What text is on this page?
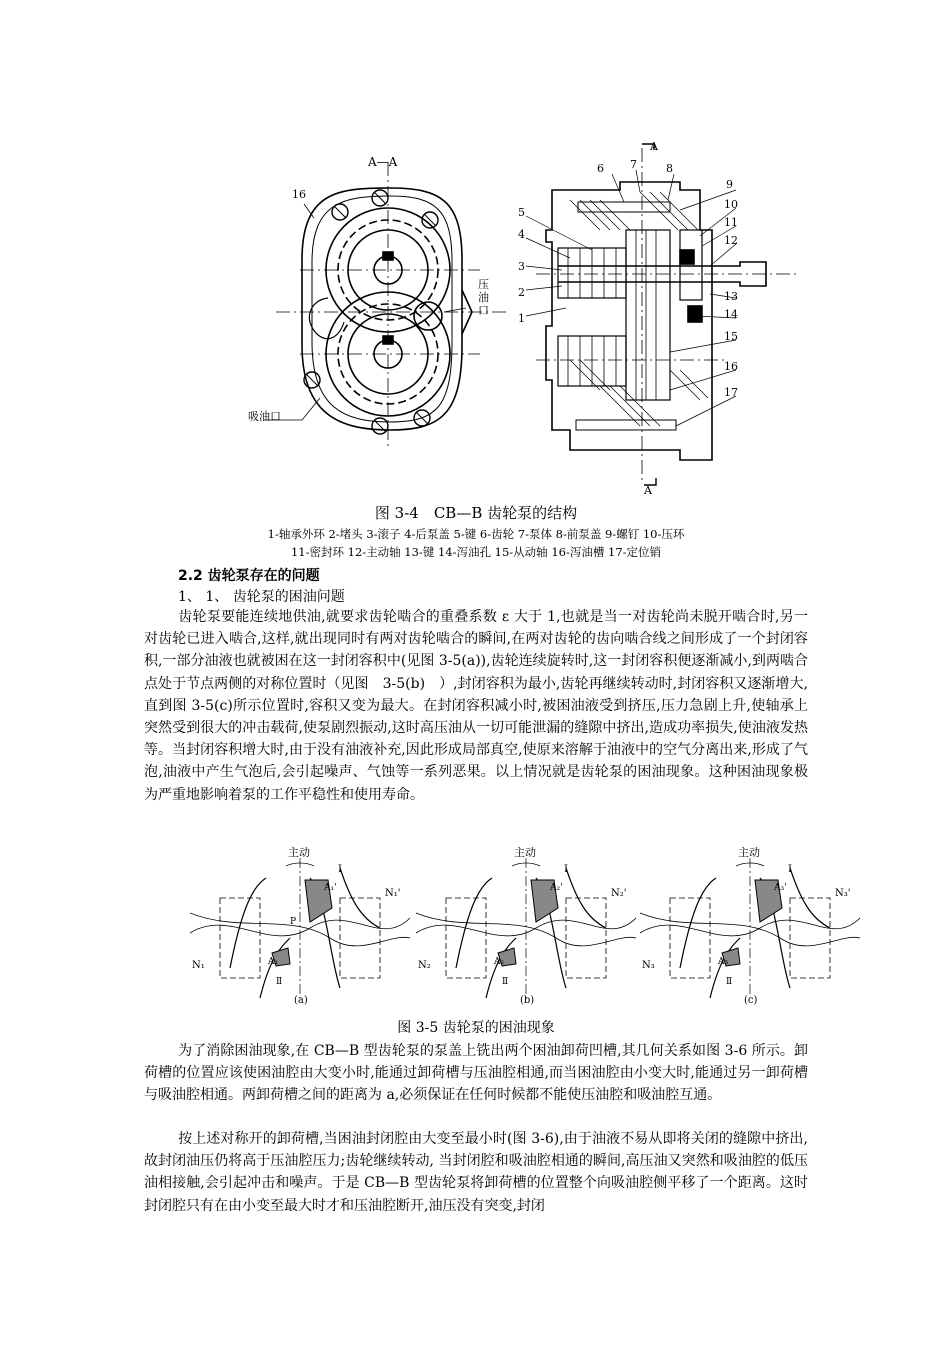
A—A
A
A
16
压油口
吸油口
1
2
3
4
5
6 7	8
9
10
11
12
13
14
15
16
17
图 3-4　CB—B 齿轮泵的结构
1-轴承外环 2-堵头 3-滚子 4-后泵盖 5-键 6-齿轮 7-泵体 8-前泵盖 9-螺钉 10-压环
11-密封环 12-主动轴 13-键 14-泻油孔 15-从动轴 16-泻油槽 17-定位销
2.2 齿轮泵存在的问题
1、 1、 齿轮泵的困油问题
齿轮泵要能连续地供油,就要求齿轮啮合的重叠系数 ε 大于 1,也就是当一对齿轮尚未脱开啮合时,另一对齿轮已进入啮合,这样,就出现同时有两对齿轮啮合的瞬间,在两对齿轮的齿向啮合线之间形成了一个封闭容积,一部分油液也就被困在这一封闭容积中(见图 3-5(a)),齿轮连续旋转时,这一封闭容积便逐渐减小,到两啮合点处于节点两侧的对称位置时（见图　3-5(b)　）,封闭容积为最小,齿轮再继续转动时,封闭容积又逐渐增大,直到图 3-5(c)所示位置时,容积又变为最大。在封闭容积减小时,被困油液受到挤压,压力急剧上升,使轴承上突然受到很大的冲击载荷,使泵剧烈振动,这时高压油从一切可能泄漏的缝隙中挤出,造成功率损失,使油液发热等。当封闭容积增大时,由于没有油液补充,因此形成局部真空,使原来溶解于油液中的空气分离出来,形成了气泡,油液中产生气泡后,会引起噪声、气蚀等一系列恶果。以上情况就是齿轮泵的困油现象。这种困油现象极为严重地影响着泵的工作平稳性和使用寿命。
主动
Ⅰ
N₁'
A₁'
P
A₁
N₁
Ⅱ
(a)
主动
Ⅰ
N₂'
A₂'
A₂
N₂
Ⅱ
(b)
主动
Ⅰ
N₃'
A₃'
A₃
N₃
Ⅱ
(c)
图 3-5 齿轮泵的困油现象
为了消除困油现象,在 CB—B 型齿轮泵的泵盖上铣出两个困油卸荷凹槽,其几何关系如图 3-6 所示。卸荷槽的位置应该使困油腔由大变小时,能通过卸荷槽与压油腔相通,而当困油腔由小变大时,能通过另一卸荷槽与吸油腔相通。两卸荷槽之间的距离为 a,必须保证在任何时候都不能使压油腔和吸油腔互通。
按上述对称开的卸荷槽,当困油封闭腔由大变至最小时(图 3-6),由于油液不易从即将关闭的缝隙中挤出,故封闭油压仍将高于压油腔压力;齿轮继续转动, 当封闭腔和吸油腔相通的瞬间,高压油又突然和吸油腔的低压油相接触,会引起冲击和噪声。于是 CB—B 型齿轮泵将卸荷槽的位置整个向吸油腔侧平移了一个距离。这时封闭腔只有在由小变至最大时才和压油腔断开,油压没有突变,封闭
